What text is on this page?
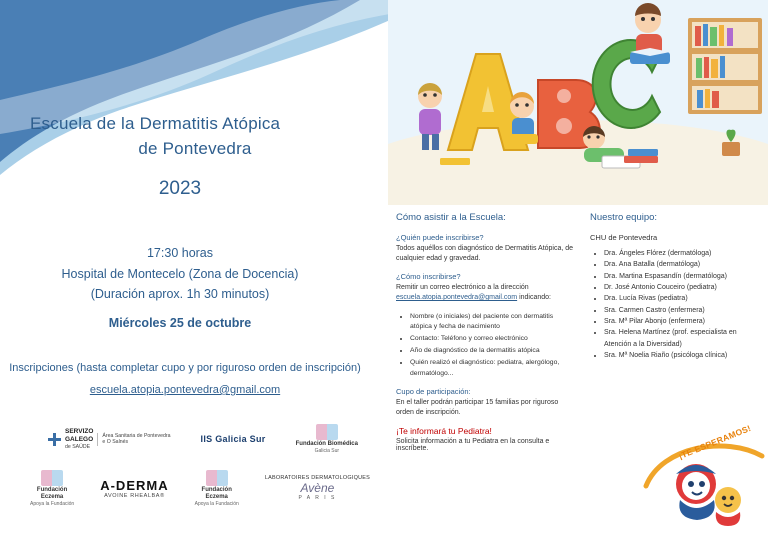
Escuela de la Dermatitis Atópica
de Pontevedra
2023
17:30 horas
Hospital de Montecelo (Zona de Docencia)
(Duración aprox. 1h 30 minutos)
Miércoles 25 de octubre
Inscripciones (hasta completar cupo y por riguroso orden de inscripción)
escuela.atopia.pontevedra@gmail.com
SERVIZO
GALEGO
de SAÚDE
Área Sanitaria de Pontevedra
e O Salnés	IIS Galicia Sur	Fundación Biomédica
Galicia Sur
Fundación
Eczema
Apoya la Fundación
A-DERMA
AVOINE RHEALBA®
Fundación
Eczema
Apoya la Fundación
LABORATOIRES DERMATOLOGIQUES
Avène
P A R I S
Cómo asistir a la Escuela:
¿Quién puede inscribirse?
Todos aquéllos con diagnóstico de Dermatitis Atópica, de cualquier edad y gravedad.
¿Cómo inscribirse?
Remitir un correo electrónico a la dirección
escuela.atopia.pontevedra@gmail.com indicando:
• Nombre (o iniciales) del paciente con dermatitis atópica y fecha de nacimiento
• Contacto: Teléfono y correo electrónico
• Año de diagnóstico de la dermatitis atópica
• Quién realizó el diagnóstico: pediatra, alergólogo, dermatólogo...
Cupo de participación:
En el taller podrán participar 15 familias por riguroso orden de inscripción.
¡Te informará tu Pediatra!
Solicita información a tu Pediatra en la consulta e inscríbete.
Nuestro equipo:
CHU de Pontevedra
• Dra. Ángeles Flórez (dermatóloga)
• Dra. Ana Batalla (dermatóloga)
• Dra. Martina Espasandín (dermatóloga)
• Dr. José Antonio Couceiro (pediatra)
• Dra. Lucía Rivas (pediatra)
• Sra. Carmen Castro (enfermera)
• Sra. Mª Pilar Abonjo (enfermera)
• Sra. Helena Martínez (prof. especialista en Atención a la Diversidad)
• Sra. Mª Noelia Riaño (psicóloga clínica)
¡TE ESPERAMOS!
